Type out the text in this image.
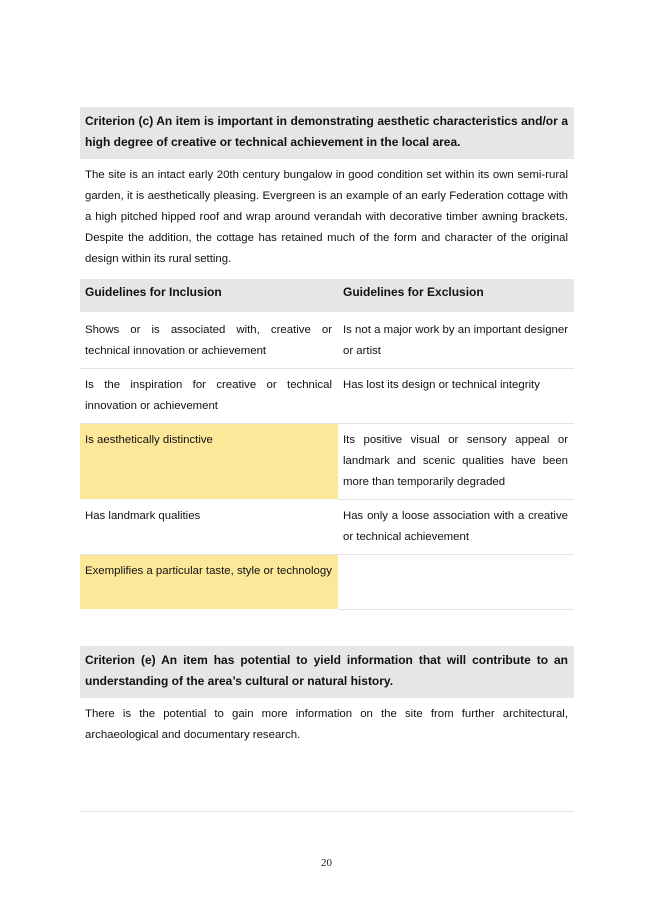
Criterion (c) An item is important in demonstrating aesthetic characteristics and/or a high degree of creative or technical achievement in the local area.
The site is an intact early 20th century bungalow in good condition set within its own semi-rural garden, it is aesthetically pleasing. Evergreen is an example of an early Federation cottage with a high pitched hipped roof and wrap around verandah with decorative timber awning brackets. Despite the addition, the cottage has retained much of the form and character of the original design within its rural setting.
Guidelines for Inclusion	Guidelines for Exclusion
Shows or is associated with, creative or technical innovation or achievement	Is not a major work by an important designer or artist
Is the inspiration for creative or technical innovation or achievement	Has lost its design or technical integrity
Is aesthetically distinctive	Its positive visual or sensory appeal or landmark and scenic qualities have been more than temporarily degraded
Has landmark qualities	Has only a loose association with a creative or technical achievement
Exemplifies a particular taste, style or technology	
Criterion (e) An item has potential to yield information that will contribute to an understanding of the area’s cultural or natural history.
There is the potential to gain more information on the site from further architectural, archaeological and documentary research.
20
